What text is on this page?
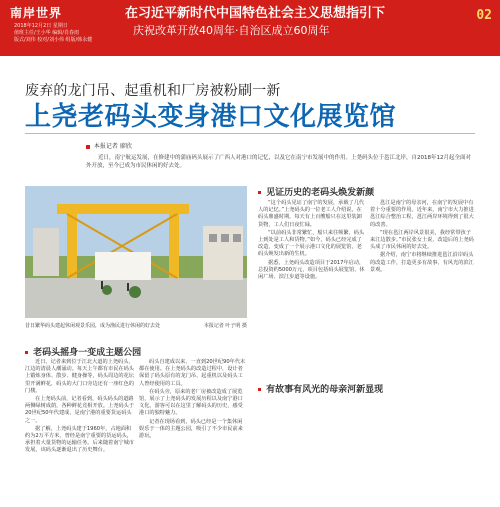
南岸世界
2018年12月2日 星期日
值班主任/王小华 编辑/肖春雨
版式/刘伟 校对/刘小伟 组版/韩永健
在习近平新时代中国特色社会主义思想指引下
庆祝改革开放40周年·自治区成立60周年
02
废弃的龙门吊、起重机和厂房被粉刷一新
上尧老码头变身港口文化展览馆
本报记者 廖欣
近日，南宁航运发展，在修建中的蒲庙码头展示了广西人对港口的记忆，以及它在南宁市发展中的作用。上尧码头位于邕江北岸，自2018年12月起全面对外开放，至今已成为市民休闲的好去处。
昔日繁华码头建起休闲观景乐园，成为渔民进行休闲的好去处	本报记者 叶子明 摄
老码头摇身一变成主题公园
见证历史的老码头焕发新颜
有故事有风光的母亲河新显现

近日，记者来到位于江北大道的上尧码头，江边的清晨人潮涌动。每天上午都有市民在码头上锻炼身体、散步、健身操等，码头周边的花坛里开满鲜花，码头的大门口旁边还有一座红色的门楼。

在上尧码头前，记者看到，码头码头的道路两侧绿树成荫，各种鲜花竞相开放。上尧码头于20世纪50年代建成，是南宁港的重要货运码头之一。

据了解，上尧码头建于1960年，占地面积约为2万平方米，曾经是南宁重要的货运码头，承担着大量货物的运输任务。后来随着南宁城市发展，该码头逐渐退出了历史舞台。

码头自建成以来，一直到20世纪90年代末都在使用。在上尧码头的改造过程中，设计者保留了码头原有的龙门吊、起重机以及码头工人曾经使用的工具。

在码头旁，原来的老厂房被改造成了展览馆，展示了上尧码头的发展历程以及南宁港口文化。游客可以在这里了解码头的历史，感受港口的独特魅力。

记者在现场看到，码头已经是一个集休闲娱乐于一体的主题公园，吸引了不少市民前来游玩。

“这个码头见证了南宁的发展，承载了几代人的记忆。”上尧码头的一位老工人介绍说，在码头鼎盛时期，每天有上百艘船只在这里装卸货物，工人们日夜忙碌。

“以前码头非常繁忙，船只来往频繁，码头上到处是工人和货物。”如今，码头已经完成了改造，变成了一个展示港口文化的展览馆，老码头焕发出新的生机。

据悉，上尧码头改造项目于2017年启动，总投资约5000万元，项目包括码头展览馆、休闲广场、滨江步道等设施。

邕江是南宁的母亲河，在南宁的发展中有着十分重要的作用。近年来，南宁市大力推进邕江综合整治工程，邕江两岸环境得到了很大的改善。

“现在邕江两岸风景很美，我经常带孩子来江边散步。”市民张女士说，改造后的上尧码头成了市民休闲的好去处。

据介绍，南宁市将继续推进邕江沿岸码头的改造工作，打造更多有故事、有风光的滨江景观。
